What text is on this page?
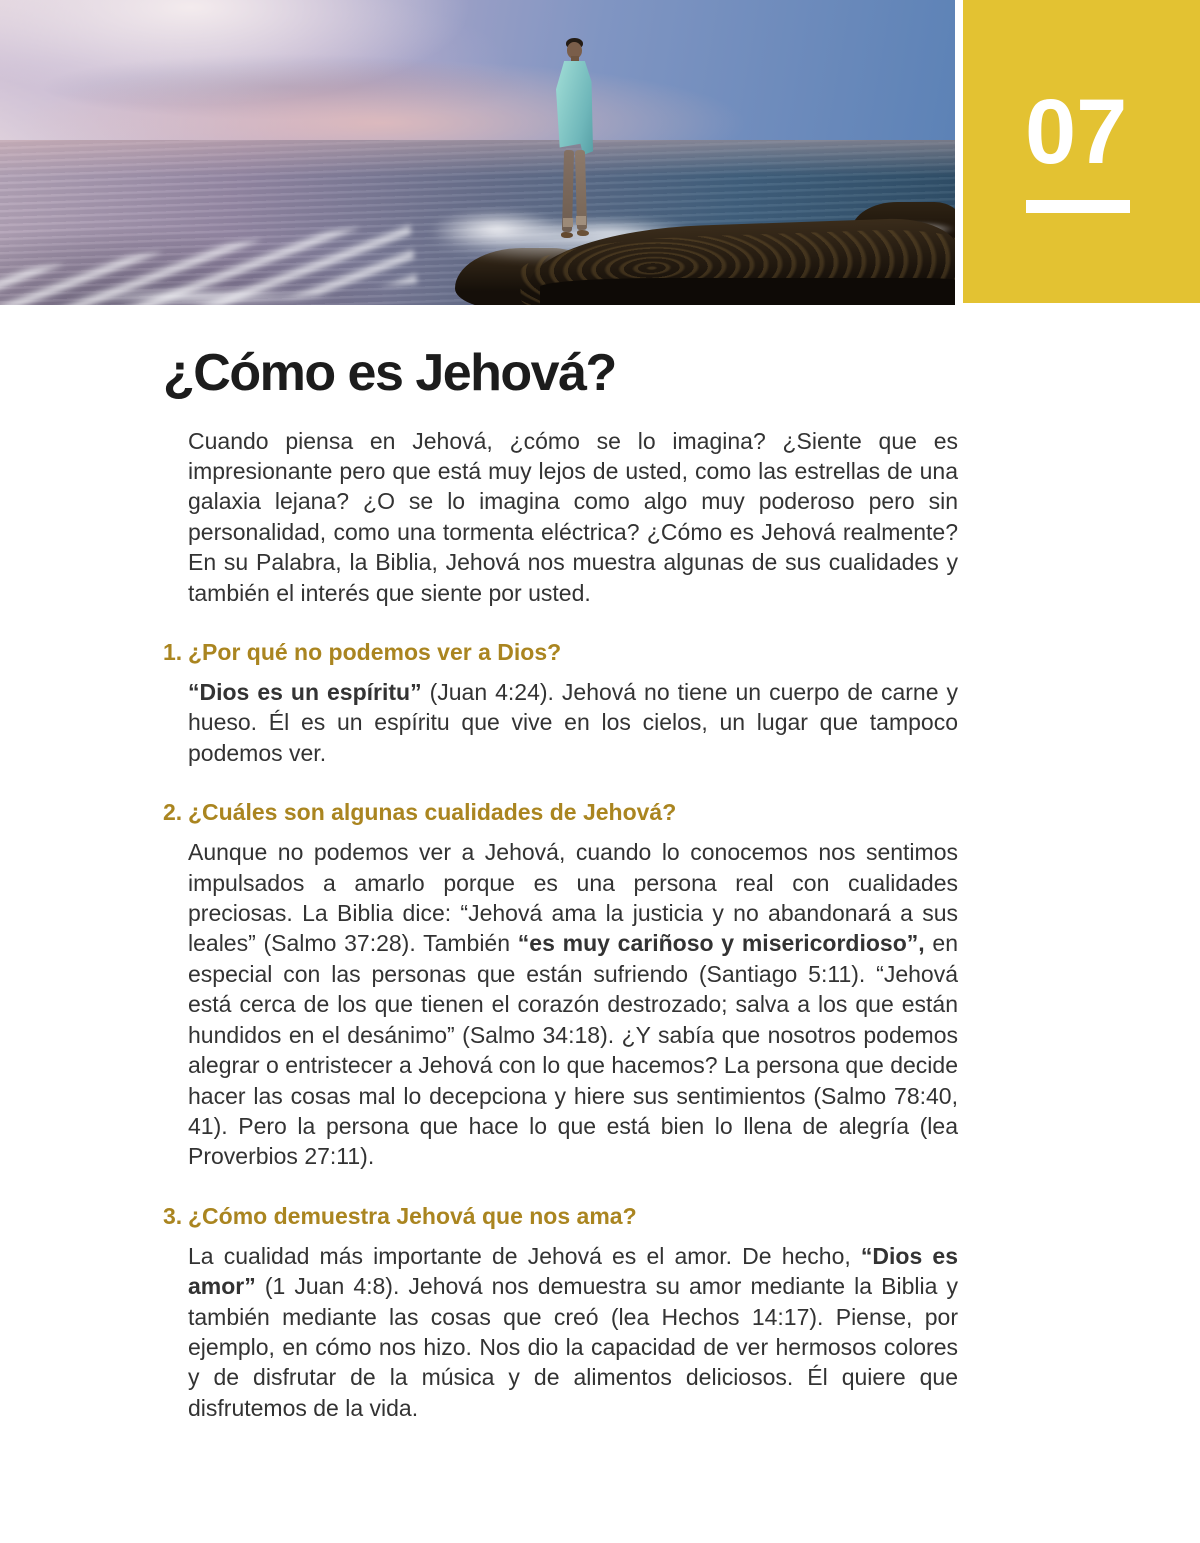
07
¿Cómo es Jehová?

Cuando piensa en Jehová, ¿cómo se lo imagina? ¿Siente que es impresionante pero que está muy lejos de usted, como las estrellas de una galaxia lejana? ¿O se lo imagina como algo muy poderoso pero sin personalidad, como una tormenta eléctrica? ¿Cómo es Jehová realmente? En su Palabra, la Biblia, Jehová nos muestra algunas de sus cualidades y también el interés que siente por usted.

1. ¿Por qué no podemos ver a Dios?

“Dios es un espíritu” (Juan 4:24). Jehová no tiene un cuerpo de carne y hueso. Él es un espíritu que vive en los cielos, un lugar que tampoco podemos ver.

2. ¿Cuáles son algunas cualidades de Jehová?

Aunque no podemos ver a Jehová, cuando lo conocemos nos sentimos impulsados a amarlo porque es una persona real con cualidades preciosas. La Biblia dice: “Jehová ama la justicia y no abandonará a sus leales” (Salmo 37:28). También “es muy cariñoso y misericordioso”, en especial con las personas que están sufriendo (Santiago 5:11). “Jehová está cerca de los que tienen el corazón destrozado; salva a los que están hundidos en el desánimo” (Salmo 34:18). ¿Y sabía que nosotros podemos alegrar o entristecer a Jehová con lo que hacemos? La persona que decide hacer las cosas mal lo decepciona y hiere sus sentimientos (Salmo 78:40, 41). Pero la persona que hace lo que está bien lo llena de alegría (lea Proverbios 27:11).

3. ¿Cómo demuestra Jehová que nos ama?

La cualidad más importante de Jehová es el amor. De hecho, “Dios es amor” (1 Juan 4:8). Jehová nos demuestra su amor mediante la Biblia y también mediante las cosas que creó (lea Hechos 14:17). Piense, por ejemplo, en cómo nos hizo. Nos dio la capacidad de ver hermosos colores y de disfrutar de la música y de alimentos deliciosos. Él quiere que disfrutemos de la vida.
